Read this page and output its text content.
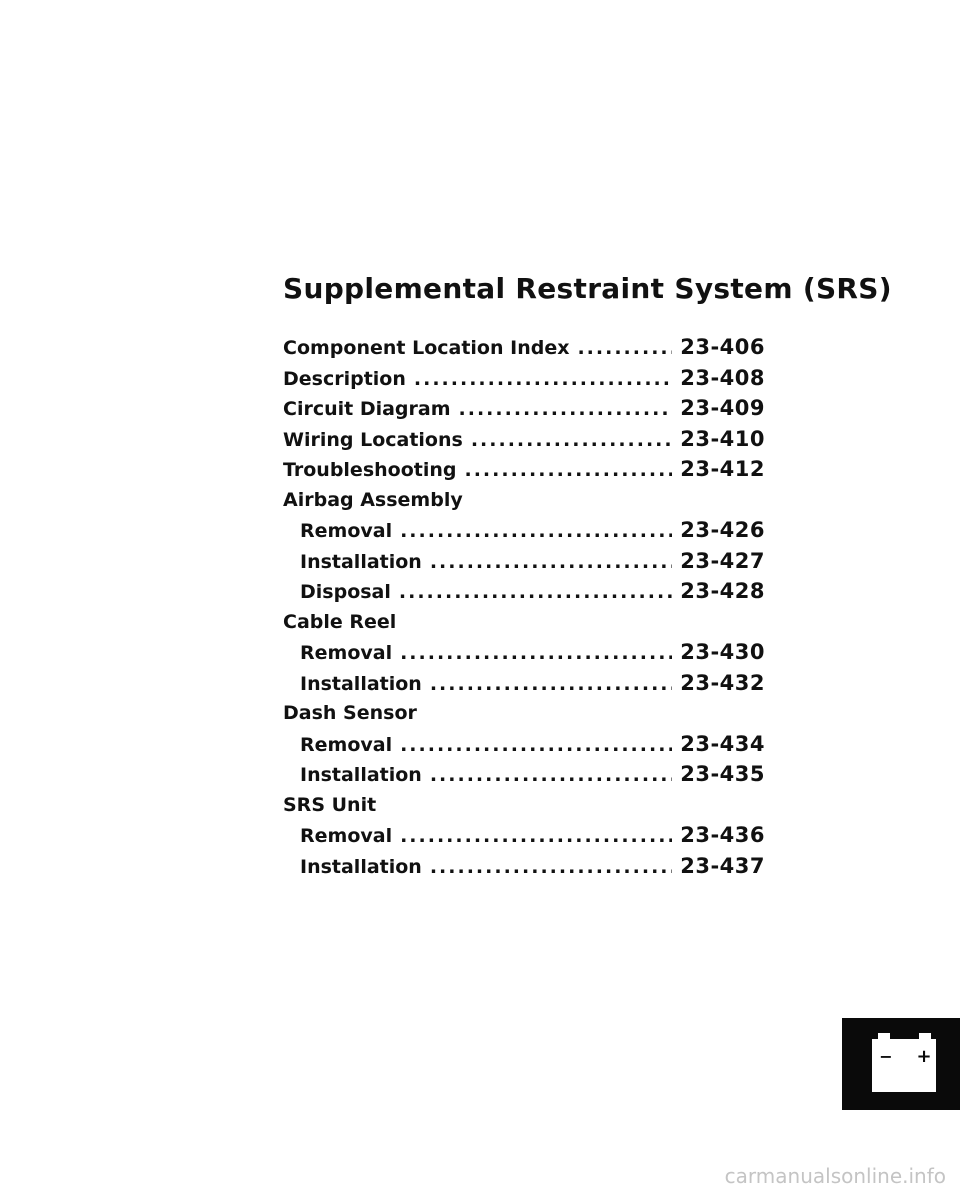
Supplemental Restraint System (SRS)
Component Location Index .....	23-406
Description .....	23-408
Circuit Diagram .....	23-409
Wiring Locations .....	23-410
Troubleshooting .....	23-412
Airbag Assembly
Removal .....	23-426
Installation .....	23-427
Disposal .....	23-428
Cable Reel
Removal .....	23-430
Installation .....	23-432
Dash Sensor
Removal .....	23-434
Installation .....	23-435
SRS Unit
Removal .....	23-436
Installation .....	23-437
− +
carmanualsonline.info
